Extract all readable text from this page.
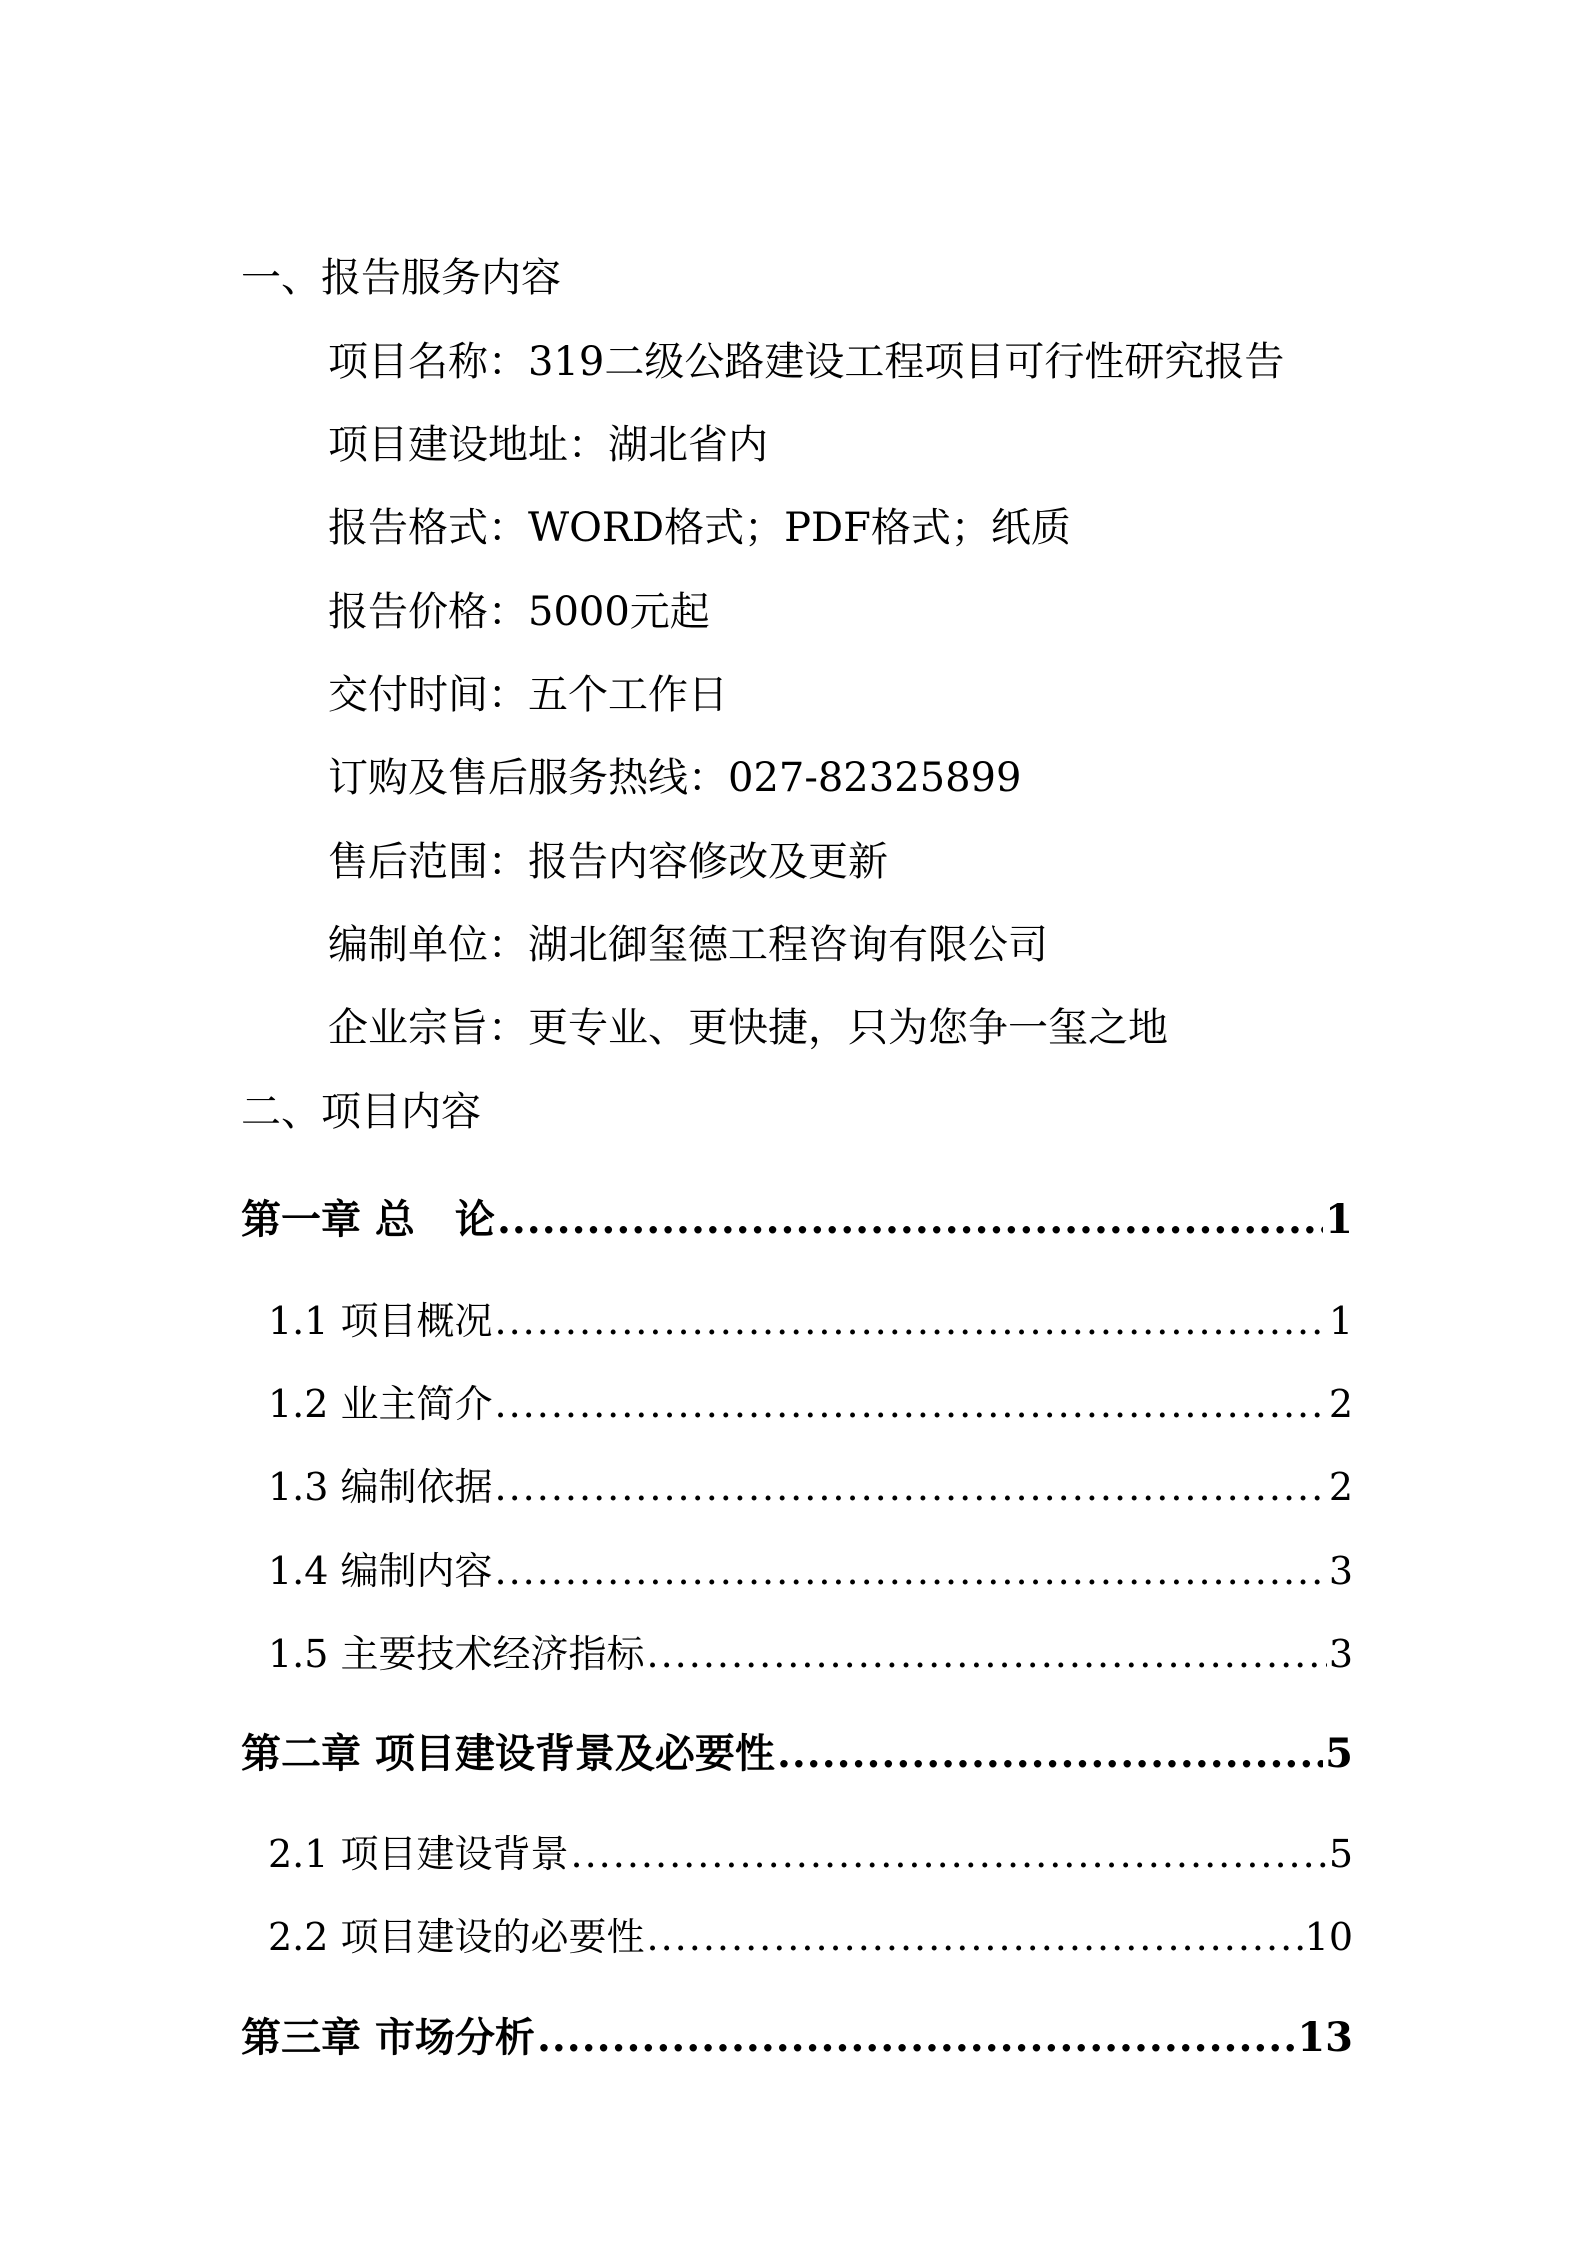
一、报告服务内容
项目名称：319二级公路建设工程项目可行性研究报告
项目建设地址：湖北省内
报告格式：WORD格式；PDF格式；纸质
报告价格：5000元起
交付时间：五个工作日
订购及售后服务热线：027-82325899
售后范围：报告内容修改及更新
编制单位：湖北御玺德工程咨询有限公司
企业宗旨：更专业、更快捷，只为您争一玺之地
二、项目内容
第一章 总　论 .....	1
1.1 项目概况 .....	1
1.2 业主简介 .....	2
1.3 编制依据 .....	2
1.4 编制内容 .....	3
1.5 主要技术经济指标 .....	3
第二章 项目建设背景及必要性 .....	5
2.1 项目建设背景 .....	5
2.2 项目建设的必要性 .....	10
第三章 市场分析 .....	13
